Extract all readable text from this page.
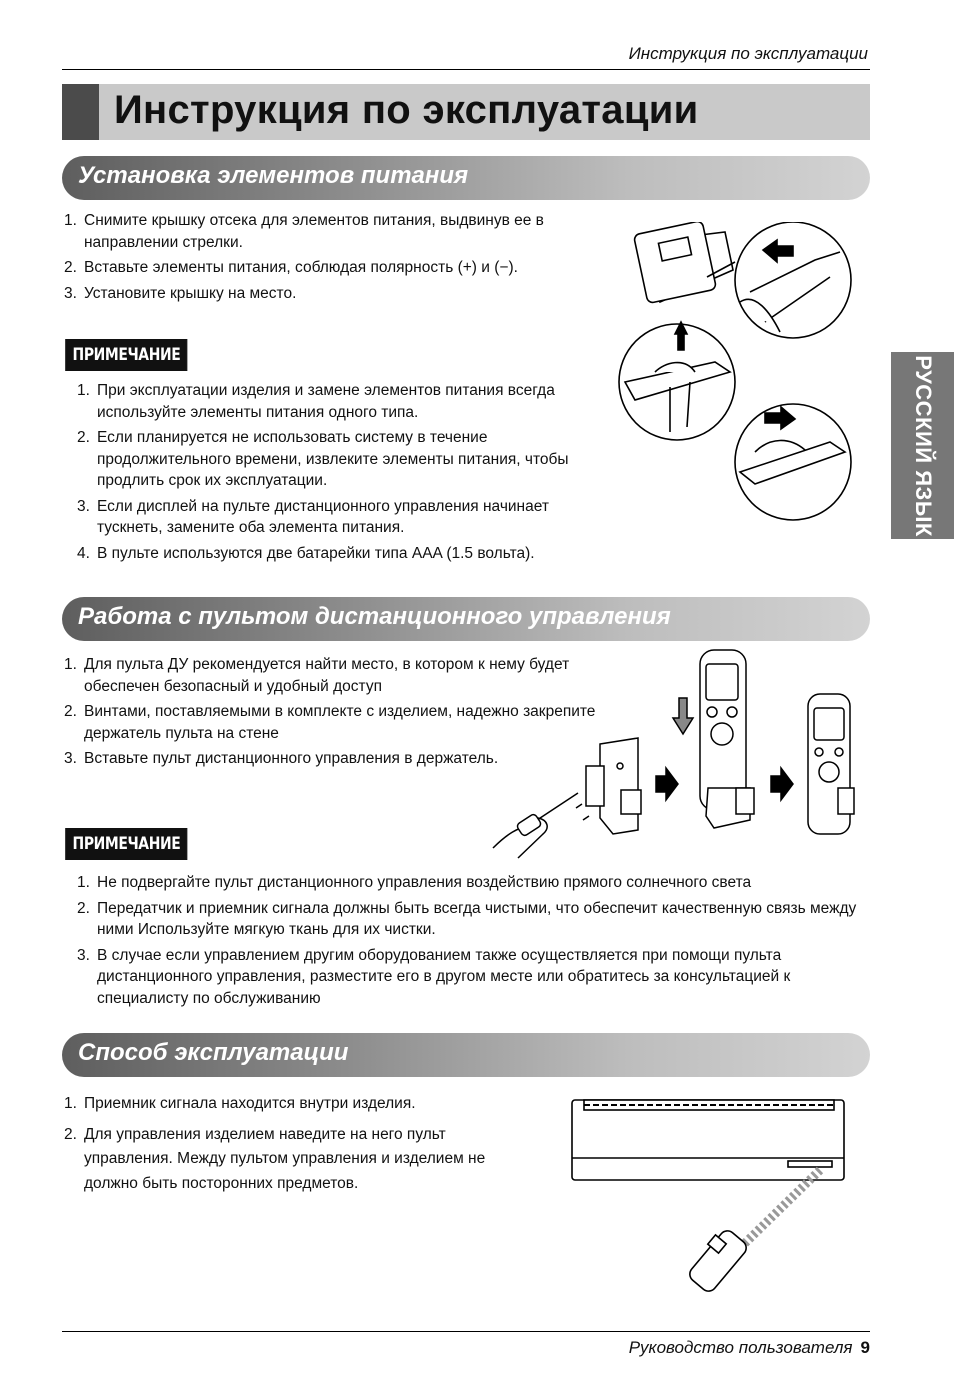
Инструкция по эксплуатации
Инструкция по эксплуатации
РУССКИЙ ЯЗЫК
Установка элементов питания
1. Снимите крышку отсека для элементов питания, выдвинув ее в направлении стрелки.
2. Вставьте элементы питания, соблюдая полярность (+) и (−).
3. Установите крышку на место.
ПРИМЕЧАНИЕ
1. При эксплуатации изделия и замене элементов питания всегда используйте элементы питания одного типа.
2. Если планируется не использовать систему в течение продолжительного времени, извлеките элементы питания, чтобы продлить срок их эксплуатации.
3. Если дисплей на пульте дистанционного управления начинает тускнеть, замените оба элемента питания.
4. В пульте используются две батарейки типа AAA (1.5 вольта).
Работа с пультом дистанционного управления
1. Для пульта ДУ рекомендуется найти место, в котором к нему будет обеспечен безопасный и удобный доступ
2. Винтами, поставляемыми в комплекте с изделием, надежно закрепите держатель пульта на стене
3. Вставьте пульт дистанционного управления в держатель.
ПРИМЕЧАНИЕ
1. Не подвергайте пульт дистанционного управления воздействию прямого солнечного света
2. Передатчик и приемник сигнала должны быть всегда чистыми, что обеспечит качественную связь между ними Используйте мягкую ткань для их чистки.
3. В случае если управлением другим оборудованием также осуществляется при помощи пульта дистанционного управления, разместите его в другом месте или обратитесь за консультацией к специалисту по обслуживанию
Способ эксплуатации
1. Приемник сигнала находится внутри изделия.
2. Для управления изделием наведите на него пульт управления. Между пультом управления и изделием не должно быть посторонних предметов.
Руководство пользователя 9
